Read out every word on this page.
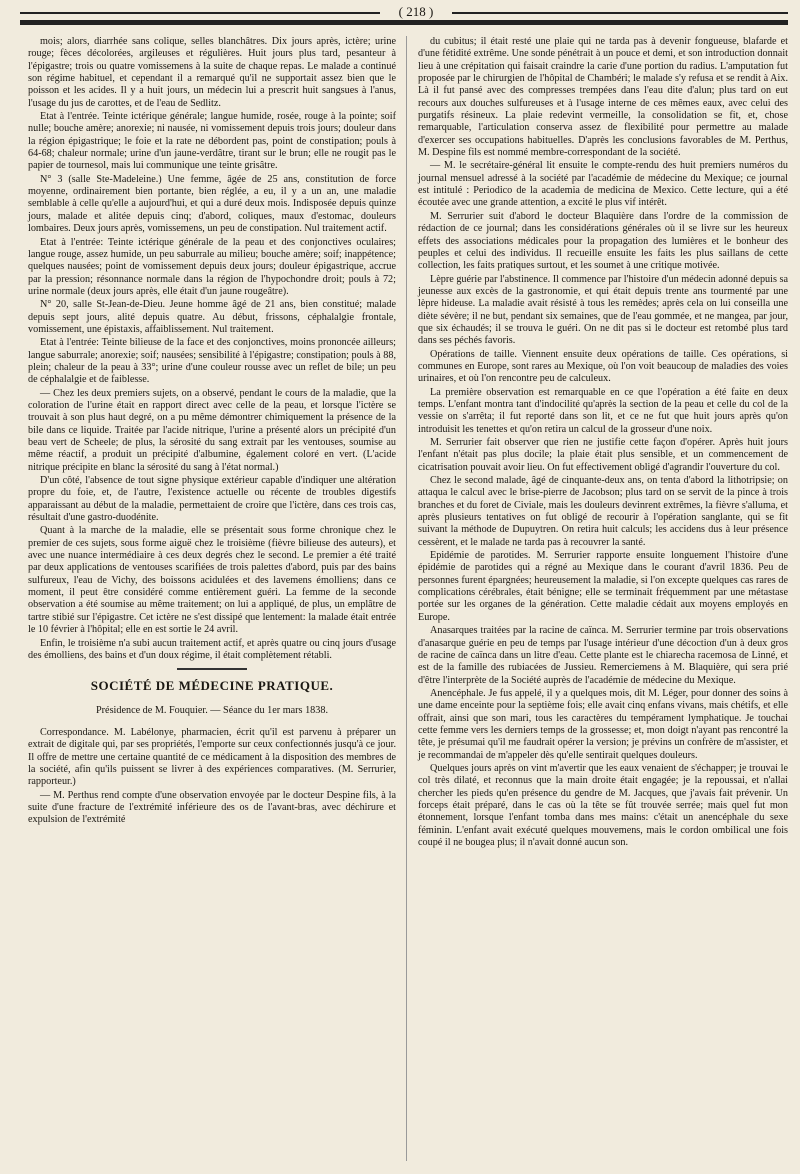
( 218 )

mois; alors, diarrhée sans colique, selles blanchâtres. Dix jours après, ictère; urine rouge; fèces décolorées, argileuses et régulières. Huit jours plus tard, pesanteur à l'épigastre; trois ou quatre vomissemens à la suite de chaque repas. Le malade a continué son régime habituel, et cependant il a remarqué qu'il ne supportait assez bien que le poisson et les acides. Il y a huit jours, un médecin lui a prescrit huit sangsues à l'anus, l'usage du jus de carottes, et de l'eau de Sedlitz.

Etat à l'entrée. Teinte ictérique générale; langue humide, rosée, rouge à la pointe; soif nulle; bouche amère; anorexie; ni nausée, ni vomissement depuis trois jours; douleur dans la région épigastrique; le foie et la rate ne débordent pas, point de constipation; pouls à 64-68; chaleur normale; urine d'un jaune-verdâtre, tirant sur le brun; elle ne rougit pas le papier de tournesol, mais lui communique une teinte grisâtre.

N° 3 (salle Ste-Madeleine.) Une femme, âgée de 25 ans, constitution de force moyenne, ordinairement bien portante, bien réglée, a eu, il y a un an, une maladie semblable à celle qu'elle a aujourd'hui, et qui a duré deux mois. Indisposée depuis quinze jours, malade et alitée depuis cinq; d'abord, coliques, maux d'estomac, douleurs lombaires. Deux jours après, vomissemens, un peu de constipation. Nul traitement actif.

Etat à l'entrée: Teinte ictérique générale de la peau et des conjonctives oculaires; langue rouge, assez humide, un peu saburrale au milieu; bouche amère; soif; inappétence; quelques nausées; point de vomissement depuis deux jours; douleur épigastrique, accrue par la pression; résonnance normale dans la région de l'hypochondre droit; pouls à 72; urine normale (deux jours après, elle était d'un jaune rougeâtre).

N° 20, salle St-Jean-de-Dieu. Jeune homme âgé de 21 ans, bien constitué; malade depuis sept jours, alité depuis quatre. Au début, frissons, céphalalgie frontale, vomissement, une épistaxis, affaiblissement. Nul traitement.

Etat à l'entrée: Teinte bilieuse de la face et des conjonctives, moins prononcée ailleurs; langue saburrale; anorexie; soif; nausées; sensibilité à l'épigastre; constipation; pouls à 88, plein; chaleur de la peau à 33°; urine d'une couleur rousse avec un reflet de bile; un peu de céphalalgie et de faiblesse.

— Chez les deux premiers sujets, on a observé, pendant le cours de la maladie, que la coloration de l'urine était en rapport direct avec celle de la peau, et lorsque l'ictère se trouvait à son plus haut degré, on a pu même démontrer chimiquement la présence de la bile dans ce liquide. Traitée par l'acide nitrique, l'urine a présenté alors un précipité d'un beau vert de Scheele; de plus, la sérosité du sang extrait par les ventouses, soumise au même réactif, a produit un précipité d'albumine, également coloré en vert. (L'acide nitrique précipite en blanc la sérosité du sang à l'état normal.)

D'un côté, l'absence de tout signe physique extérieur capable d'indiquer une altération propre du foie, et, de l'autre, l'existence actuelle ou récente de troubles digestifs apparaissant au début de la maladie, permettaient de croire que l'ictère, dans ces trois cas, résultait d'une gastro-duodénite.

Quant à la marche de la maladie, elle se présentait sous forme chronique chez le premier de ces sujets, sous forme aiguë chez le troisième (fièvre bilieuse des auteurs), et avec une nuance intermédiaire à ces deux degrés chez le second. Le premier a été traité par deux applications de ventouses scarifiées de trois palettes d'abord, puis par des bains sulfureux, l'eau de Vichy, des boissons acidulées et des lavemens émolliens; dans ce moment, il peut être considéré comme entièrement guéri. La femme de la seconde observation a été soumise au même traitement; on lui a appliqué, de plus, un emplâtre de tartre stibié sur l'épigastre. Cet ictère ne s'est dissipé que lentement: la malade était entrée le 10 février à l'hôpital; elle en est sortie le 24 avril.

Enfin, le troisième n'a subi aucun traitement actif, et après quatre ou cinq jours d'usage des émolliens, des bains et d'un doux régime, il était complètement rétabli.

SOCIÉTÉ DE MÉDECINE PRATIQUE.
Présidence de M. Fouquier. — Séance du 1er mars 1838.

Correspondance. M. Labélonye, pharmacien, écrit qu'il est parvenu à préparer un extrait de digitale qui, par ses propriétés, l'emporte sur ceux confectionnés jusqu'à ce jour. Il offre de mettre une certaine quantité de ce médicament à la disposition des membres de la société, afin qu'ils puissent se livrer à des expériences comparatives. (M. Serrurier, rapporteur.)

— M. Perthus rend compte d'une observation envoyée par le docteur Despine fils, à la suite d'une fracture de l'extrémité inférieure des os de l'avant-bras, avec déchirure et expulsion de l'extrémité

du cubitus; il était resté une plaie qui ne tarda pas à devenir fongueuse, blafarde et d'une fétidité extrême. Une sonde pénétrait à un pouce et demi, et son introduction donnait lieu à une crépitation qui faisait craindre la carie d'une portion du radius. L'amputation fut proposée par le chirurgien de l'hôpital de Chambéri; le malade s'y refusa et se rendit à Aix. Là il fut pansé avec des compresses trempées dans l'eau dite d'alun; plus tard on eut recours aux douches sulfureuses et à l'usage interne de ces mêmes eaux, avec celui des purgatifs résineux. La plaie redevint vermeille, la consolidation se fit, et, chose remarquable, l'articulation conserva assez de flexibilité pour permettre au malade d'exercer ses occupations habituelles. D'après les conclusions favorables de M. Perthus, M. Despine fils est nommé membre-correspondant de la société.

— M. le secrétaire-général lit ensuite le compte-rendu des huit premiers numéros du journal mensuel adressé à la société par l'académie de médecine du Mexique; ce journal est intitulé : Periodico de la academia de medicina de Mexico. Cette lecture, qui a été écoutée avec une grande attention, a excité le plus vif intérêt.

M. Serrurier suit d'abord le docteur Blaquière dans l'ordre de la commission de rédaction de ce journal; dans les considérations générales où il se livre sur les heureux effets des associations médicales pour la propagation des lumières et le bonheur des peuples et celui des individus. Il recueille ensuite les faits les plus saillans de cette collection, les faits pratiques surtout, et les soumet à une critique motivée.

Lèpre guérie par l'abstinence. Il commence par l'histoire d'un médecin adonné depuis sa jeunesse aux excès de la gastronomie, et qui était depuis trente ans tourmenté par une lèpre hideuse. La maladie avait résisté à tous les remèdes; après cela on lui conseilla une diète sévère; il ne but, pendant six semaines, que de l'eau gommée, et ne mangea, par jour, que six échaudés; il se trouva le guéri. On ne dit pas si le docteur est retombé plus tard dans ses péchés favoris.

Opérations de taille. Viennent ensuite deux opérations de taille. Ces opérations, si communes en Europe, sont rares au Mexique, où l'on voit beaucoup de maladies des voies urinaires, et où l'on rencontre peu de calculeux.

La première observation est remarquable en ce que l'opération a été faite en deux temps. L'enfant montra tant d'indocilité qu'après la section de la peau et celle du col de la vessie on s'arrêta; il fut reporté dans son lit, et ce ne fut que huit jours après qu'on introduisit les tenettes et qu'on retira un calcul de la grosseur d'une noix.

M. Serrurier fait observer que rien ne justifie cette façon d'opérer. Après huit jours l'enfant n'était pas plus docile; la plaie était plus sensible, et un commencement de cicatrisation pouvait avoir lieu. On fut effectivement obligé d'agrandir l'ouverture du col.

Chez le second malade, âgé de cinquante-deux ans, on tenta d'abord la lithotripsie; on attaqua le calcul avec le brise-pierre de Jacobson; plus tard on se servit de la pince à trois branches et du foret de Civiale, mais les douleurs devinrent extrêmes, la fièvre s'alluma, et après plusieurs tentatives on fut obligé de recourir à l'opération sanglante, qui se fit suivant la méthode de Dupuytren. On retira huit calculs; les accidens dus à leur présence cessèrent, et le malade ne tarda pas à recouvrer la santé.

Epidémie de parotides. M. Serrurier rapporte ensuite longuement l'histoire d'une épidémie de parotides qui a régné au Mexique dans le courant d'avril 1836. Peu de personnes furent épargnées; heureusement la maladie, si l'on excepte quelques cas rares de complications cérébrales, était bénigne; elle se terminait fréquemment par une métastase portée sur les organes de la génération. Cette maladie cédait aux moyens employés en Europe.

Anasarques traitées par la racine de caïnca. M. Serrurier termine par trois observations d'anasarque guérie en peu de temps par l'usage intérieur d'une décoction d'un à deux gros de racine de caïnca dans un litre d'eau. Cette plante est le chiarecha racemosa de Linné, et est de la famille des rubiacées de Jussieu. Remerciemens à M. Blaquière, qui sera prié d'être l'interprète de la Société auprès de l'académie de médecine du Mexique.

Anencéphale. Je fus appelé, il y a quelques mois, dit M. Léger, pour donner des soins à une dame enceinte pour la septième fois; elle avait cinq enfans vivans, mais chétifs, et elle offrait, ainsi que son mari, tous les caractères du tempérament lymphatique. Je touchai cette femme vers les derniers temps de la grossesse; et, mon doigt n'ayant pas rencontré la tête, je présumai qu'il me faudrait opérer la version; je prévins un confrère de m'assister, et je recommandai de m'appeler dès qu'elle sentirait quelques douleurs.

Quelques jours après on vint m'avertir que les eaux venaient de s'échapper; je trouvai le col très dilaté, et reconnus que la main droite était engagée; je la repoussai, et n'allai chercher les pieds qu'en présence du gendre de M. Jacques, que j'avais fait prévenir. Un forceps était préparé, dans le cas où la tête se fût trouvée serrée; mais quel fut mon étonnement, lorsque l'enfant tomba dans mes mains: c'était un anencéphale du sexe féminin. L'enfant avait exécuté quelques mouvemens, mais le cordon ombilical une fois coupé il ne bougea plus; il n'avait donné aucun son.
